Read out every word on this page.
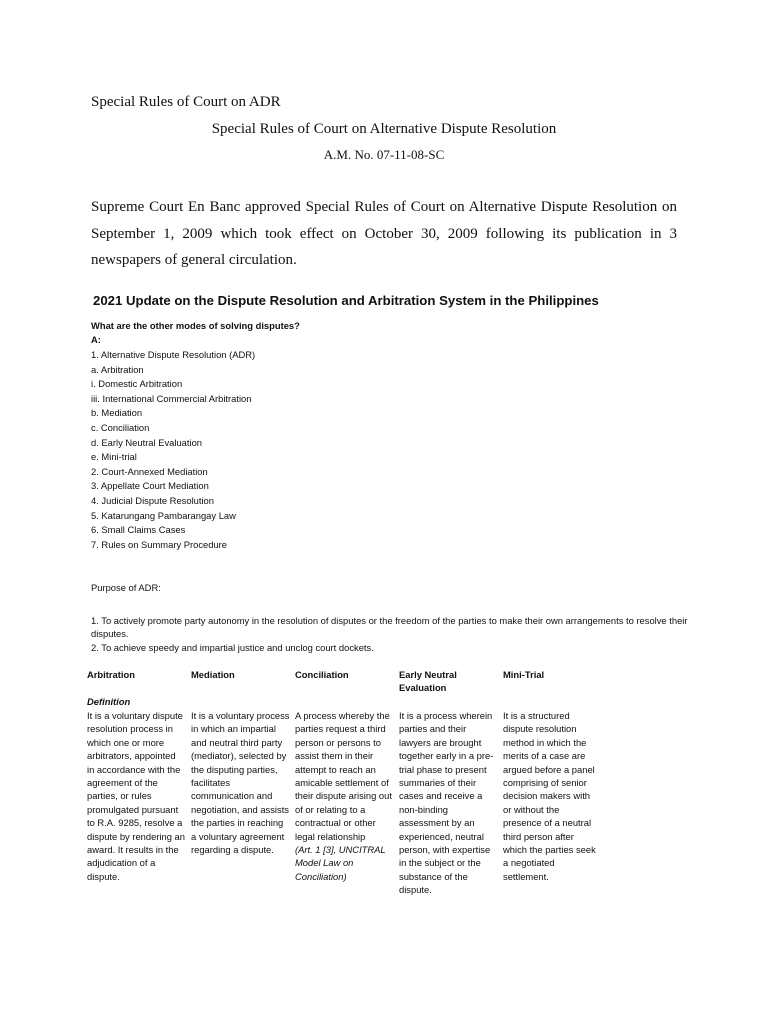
Special Rules of Court on ADR
Special Rules of Court on Alternative Dispute Resolution
A.M. No. 07-11-08-SC

Supreme Court En Banc approved Special Rules of Court on Alternative Dispute Resolution on September 1, 2009 which took effect on October 30, 2009 following its publication in 3 newspapers of general circulation.

2021 Update on the Dispute Resolution and Arbitration System in the Philippines
What are the other modes of solving disputes?
A:
1. Alternative Dispute Resolution (ADR)
a. Arbitration
i. Domestic Arbitration
iii. International Commercial Arbitration
b. Mediation
c. Conciliation
d. Early Neutral Evaluation
e. Mini-trial
2. Court-Annexed Mediation
3. Appellate Court Mediation
4. Judicial Dispute Resolution
5. Katarungang Pambarangay Law
6. Small Claims Cases
7. Rules on Summary Procedure
Purpose of ADR:
1. To actively promote party autonomy in the resolution of disputes or the freedom of the parties to make their own arrangements to resolve their disputes.
2. To achieve speedy and impartial justice and unclog court dockets.
Arbitration
Definition
It is a voluntary dispute resolution process in which one or more arbitrators, appointed in accordance with the agreement of the parties, or rules promulgated pursuant to R.A. 9285, resolve a dispute by rendering an award. It results in the adjudication of a dispute.
Mediation
It is a voluntary process in which an impartial and neutral third party (mediator), selected by the disputing parties, facilitates communication and negotiation, and assists the parties in reaching a voluntary agreement regarding a dispute.
Conciliation
A process whereby the parties request a third person or persons to assist them in their attempt to reach an amicable settlement of their dispute arising out of or relating to a contractual or other legal relationship
(Art. 1 [3], UNCITRAL Model Law on Conciliation)
Early Neutral Evaluation
It is a process wherein parties and their lawyers are brought together early in a pre-trial phase to present summaries of their cases and receive a non-binding assessment by an experienced, neutral person, with expertise in the subject or the substance of the dispute.
Mini-Trial
It is a structured dispute resolution method in which the merits of a case are argued before a panel comprising of senior decision makers with or without the presence of a neutral third person after which the parties seek a negotiated settlement.
